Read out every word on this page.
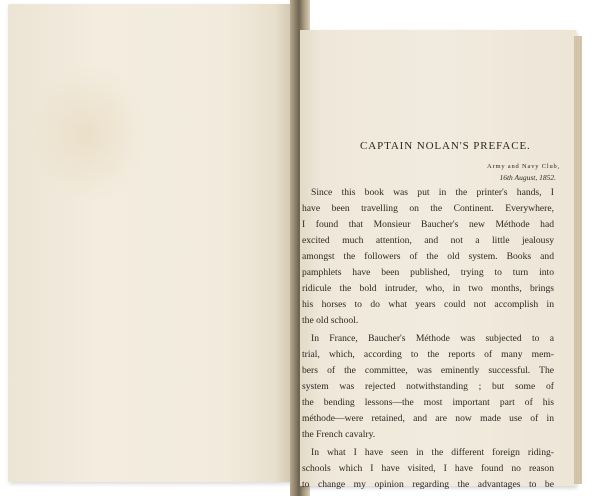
CAPTAIN NOLAN'S PREFACE.
Army and Navy Club,
16th August, 1852.
Since this book was put in the printer's hands, I
have been travelling on the Continent. Everywhere,
I found that Monsieur Baucher's new Méthode had
excited much attention, and not a little jealousy
amongst the followers of the old system. Books and
pamphlets have been published, trying to turn into
ridicule the bold intruder, who, in two months, brings
his horses to do what years could not accomplish in
the old school.
In France, Baucher's Méthode was subjected to a
trial, which, according to the reports of many mem-
bers of the committee, was eminently successful. The
system was rejected notwithstanding ; but some of
the bending lessons—the most important part of his
méthode—were retained, and are now made use of in
the French cavalry.
In what I have seen in the different foreign riding-
schools which I have visited, I have found no reason
to change my opinion regarding the advantages to be
